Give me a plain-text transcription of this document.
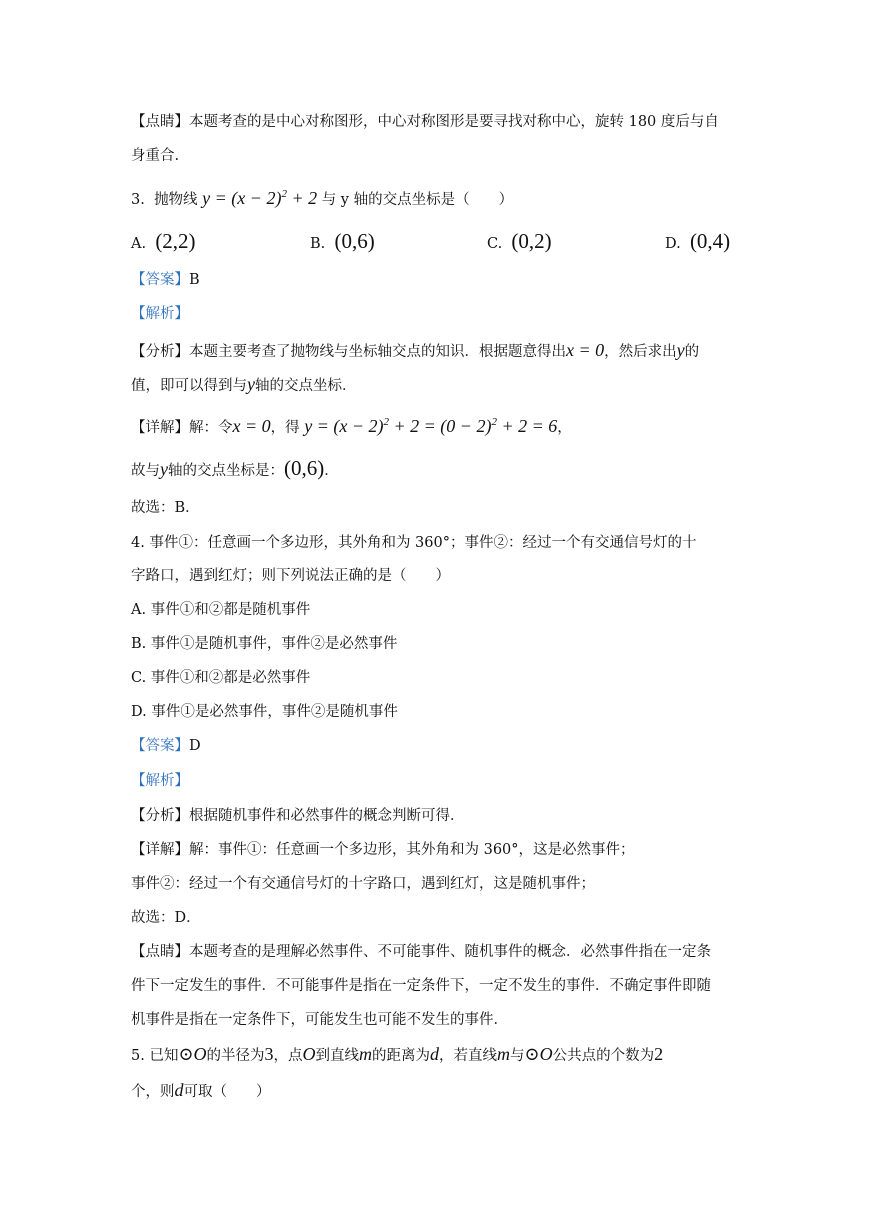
【点睛】本题考查的是中心对称图形，中心对称图形是要寻找对称中心，旋转 180 度后与自
身重合.
3. 抛物线 $y = (x - 2)^2 + 2$ 与 y 轴的交点坐标是（　　）
A. (2,2)	B. (0,6)	C. (0,2)	D. (0,4)
【答案】B
【解析】
【分析】本题主要考查了抛物线与坐标轴交点的知识．根据题意得出x = 0，然后求出y的
值，即可以得到与y轴的交点坐标．
【详解】解：令x = 0，得 $y = (x - 2)^2 + 2 = (0 - 2)^2 + 2 = 6$，
故与y轴的交点坐标是：(0,6)．
故选：B．
4. 事件①：任意画一个多边形，其外角和为 360°；事件②：经过一个有交通信号灯的十
字路口，遇到红灯；则下列说法正确的是（　　）
A. 事件①和②都是随机事件
B. 事件①是随机事件，事件②是必然事件
C. 事件①和②都是必然事件
D. 事件①是必然事件，事件②是随机事件
【答案】D
【解析】
【分析】根据随机事件和必然事件的概念判断可得．
【详解】解：事件①：任意画一个多边形，其外角和为 360°，这是必然事件；
事件②：经过一个有交通信号灯的十字路口，遇到红灯，这是随机事件；
故选：D．
【点睛】本题考查的是理解必然事件、不可能事件、随机事件的概念．必然事件指在一定条
件下一定发生的事件．不可能事件是指在一定条件下，一定不发生的事件．不确定事件即随
机事件是指在一定条件下，可能发生也可能不发生的事件．
5. 已知⊙O的半径为3，点O到直线m的距离为d，若直线m与⊙O公共点的个数为2
个，则d可取（　　）
